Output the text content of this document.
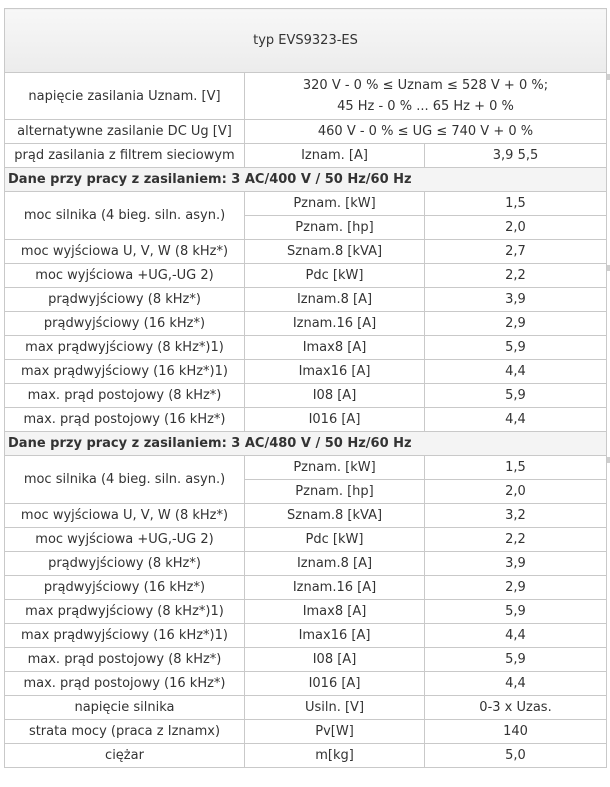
typ EVS9323-ES		
napięcie zasilania Uznam. [V]	320 V - 0 % ≤ Uznam ≤ 528 V + 0 %;
45 Hz - 0 % ... 65 Hz + 0 %	
alternatywne zasilanie DC Ug [V]	460 V - 0 % ≤ UG ≤ 740 V + 0 %	
prąd zasilania z filtrem sieciowym	Iznam. [A]	3,9 5,5
Dane przy pracy z zasilaniem: 3 AC/400 V / 50 Hz/60 Hz		
moc silnika (4 bieg. siln. asyn.)	Pznam. [kW]	1,5
	Pznam. [hp]	2,0
moc wyjściowa U, V, W (8 kHz*)	Sznam.8 [kVA]	2,7
moc wyjściowa +UG,-UG 2)	Pdc [kW]	2,2
prądwyjściowy (8 kHz*)	Iznam.8 [A]	3,9
prądwyjściowy (16 kHz*)	Iznam.16 [A]	2,9
max prądwyjściowy (8 kHz*)1)	Imax8 [A]	5,9
max prądwyjściowy (16 kHz*)1)	Imax16 [A]	4,4
max. prąd postojowy (8 kHz*)	I08 [A]	5,9
max. prąd postojowy (16 kHz*)	I016 [A]	4,4
Dane przy pracy z zasilaniem: 3 AC/480 V / 50 Hz/60 Hz		
moc silnika (4 bieg. siln. asyn.)	Pznam. [kW]	1,5
	Pznam. [hp]	2,0
moc wyjściowa U, V, W (8 kHz*)	Sznam.8 [kVA]	3,2
moc wyjściowa +UG,-UG 2)	Pdc [kW]	2,2
prądwyjściowy (8 kHz*)	Iznam.8 [A]	3,9
prądwyjściowy (16 kHz*)	Iznam.16 [A]	2,9
max prądwyjściowy (8 kHz*)1)	Imax8 [A]	5,9
max prądwyjściowy (16 kHz*)1)	Imax16 [A]	4,4
max. prąd postojowy (8 kHz*)	I08 [A]	5,9
max. prąd postojowy (16 kHz*)	I016 [A]	4,4
napięcie silnika	Usiln. [V]	0-3 x Uzas.
strata mocy (praca z Iznamx)	Pv[W]	140
ciężar	m[kg]	5,0
